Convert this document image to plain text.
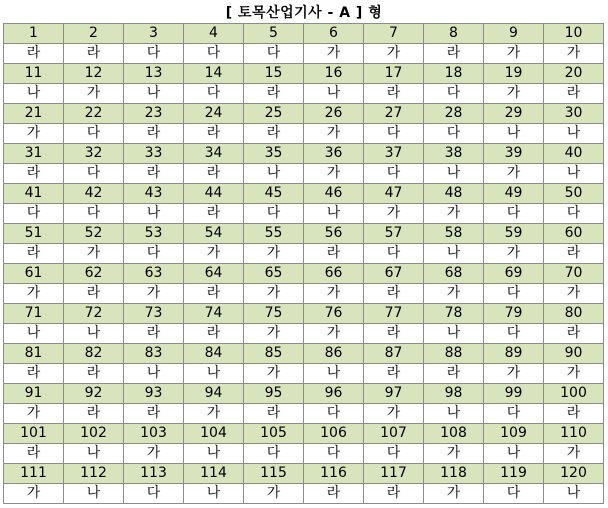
[ 토목산업기사 - A ] 형
1	2	3	4	5	6	7	8	9	10
라	라	다	다	다	가	가	라	가	가
11	12	13	14	15	16	17	18	19	20
나	가	나	다	라	나	라	다	가	라
21	22	23	24	25	26	27	28	29	30
가	다	라	라	라	가	다	다	나	나
31	32	33	34	35	36	37	38	39	40
라	다	라	라	나	가	다	나	가	나
41	42	43	44	45	46	47	48	49	50
다	다	나	라	다	나	가	가	다	다
51	52	53	54	55	56	57	58	59	60
라	가	다	가	가	라	다	나	가	라
61	62	63	64	65	66	67	68	69	70
가	라	가	라	가	가	라	가	다	가
71	72	73	74	75	76	77	78	79	80
나	나	라	라	가	가	라	나	다	라
81	82	83	84	85	86	87	88	89	90
라	라	나	나	가	나	라	라	가	가
91	92	93	94	95	96	97	98	99	100
가	라	라	가	라	다	가	나	다	라
101	102	103	104	105	106	107	108	109	110
라	나	가	나	다	다	다	가	나	가
111	112	113	114	115	116	117	118	119	120
가	나	다	나	가	라	라	가	다	나
